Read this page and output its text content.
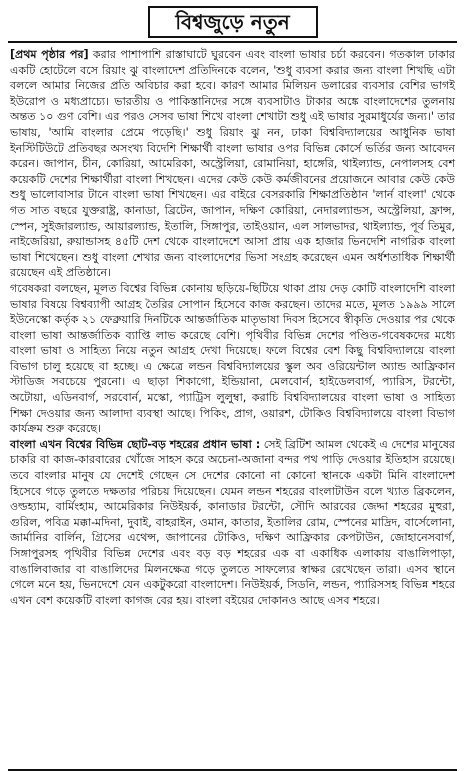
বিশ্বজুড়ে নতুন

[প্রথম পৃষ্ঠার পর] করার পাশাপাশি রাস্তাঘাটে ঘুরবেন এবং বাংলা ভাষার চর্চা করবেন। গতকাল ঢাকার একটি হোটেলে বসে রিয়াং ঝু বাংলাদেশ প্রতিদিনকে বলেন, 'শুধু ব্যবসা করার জন্য বাংলা শিখছি এটা বললে আমার নিজের প্রতি অবিচার করা হবে। কারণ আমার মিলিয়ন ডলারের ব্যবসার বেশির ভাগই ইউরোপ ও মধ্যপ্রাচ্যে। ভারতীয় ও পাকিস্তানিদের সঙ্গে ব্যবসাটাও টাকার অঙ্কে বাংলাদেশের তুলনায় অন্তত ১০ গুণ বেশি। এর পরও সেসব ভাষা শিখে বাংলা শেখাটা শুধু এই ভাষার সুরমাধুর্যের জন্য।' তার ভাষায়, 'আমি বাংলার প্রেমে পড়েছি।' শুধু রিয়াং ঝু নন, ঢাকা বিশ্ববিদ্যালয়ের আধুনিক ভাষা ইনস্টিটিউটে প্রতিবছর অসংখ্য বিদেশি শিক্ষার্থী বাংলা ভাষার ওপর বিভিন্ন কোর্সে ভর্তির জন্য আবেদন করেন। জাপান, চীন, কোরিয়া, আমেরিকা, অস্ট্রেলিয়া, রোমানিয়া, হাঙ্গেরি, থাইল্যান্ড, নেপালসহ বেশ কয়েকটি দেশের শিক্ষার্থীরা বাংলা শিখছেন। এদের কেউ কেউ কর্মজীবনের প্রয়োজনে আবার কেউ কেউ শুধু ভালোবাসার টানে বাংলা ভাষা শিখছেন। এর বাইরে বেসরকারি শিক্ষাপ্রতিষ্ঠান 'লার্ন বাংলা' থেকে গত সাত বছরে যুক্তরাষ্ট্র, কানাডা, ব্রিটেন, জাপান, দক্ষিণ কোরিয়া, নেদারল্যান্ডস, অস্ট্রেলিয়া, ফ্রান্স, স্পেন, সুইজারল্যান্ড, আয়ারল্যান্ড, ইতালি, সিঙ্গাপুর, তাইওয়ান, এল সালভাদর, থাইল্যান্ড, পূর্ব তিমুর, নাইজেরিয়া, রুয়ান্ডাসহ ৪৫টি দেশ থেকে বাংলাদেশে আসা প্রায় এক হাজার ভিনদেশি নাগরিক বাংলা ভাষা শিখেছেন। শুধু বাংলা শেখার জন্য বাংলাদেশের ভিসা সংগ্রহ করেছেন এমন অর্ধশতাধিক শিক্ষার্থী রয়েছেন এই প্রতিষ্ঠানে।

গবেষকরা বলছেন, মূলত বিশ্বের বিভিন্ন কোনায় ছড়িয়ে-ছিটিয়ে থাকা প্রায় দেড় কোটি বাংলাদেশি বাংলা ভাষার বিষয়ে বিশ্বব্যাপী আগ্রহ তৈরির সোপান হিসেবে কাজ করছেন। তাদের মতে, মূলত ১৯৯৯ সালে ইউনেস্কো কর্তৃক ২১ ফেব্রুয়ারি দিনটিকে আন্তর্জাতিক মাতৃভাষা দিবস হিসেবে স্বীকৃতি দেওয়ার পর থেকে বাংলা ভাষা আন্তর্জাতিক ব্যাপ্তি লাভ করেছে বেশি। পৃথিবীর বিভিন্ন দেশের পণ্ডিত-গবেষকদের মধ্যে বাংলা ভাষা ও সাহিত্য নিয়ে নতুন আগ্রহ দেখা দিয়েছে। ফলে বিশ্বের বেশ কিছু বিশ্ববিদ্যালয়ে বাংলা বিভাগ চালু হয়েছে বা হচ্ছে। এ ক্ষেত্রে লন্ডন বিশ্ববিদ্যালয়ের স্কুল অব ওরিয়েন্টাল অ্যান্ড আফ্রিকান স্টাডিজ সবচেয়ে পুরনো। এ ছাড়া শিকাগো, ইন্ডিয়ানা, মেলবোর্ন, হাইডেলবার্গ, প্যারিস, টরন্টো, অটোয়া, এডিনবার্গ, সরবোর্ন, মস্কো, প্যাট্রিস লুলুম্বা, করাচি বিশ্ববিদ্যালয়ের বাংলা ভাষা ও সাহিত্য শিক্ষা দেওয়ার জন্য আলাদা ব্যবস্থা আছে। পিকিং, প্রাগ, ওয়ারশ, টোকিও বিশ্ববিদ্যালয়ে বাংলা বিভাগ কার্যক্রম শুরু করেছে।

বাংলা এখন বিশ্বের বিভিন্ন ছোট-বড় শহরের প্রধান ভাষা : সেই ব্রিটিশ আমল থেকেই এ দেশের মানুষের চাকরি বা কাজ-কারবারের খোঁজে সাহস করে অচেনা-অজানা বন্দর পথ পাড়ি দেওয়ার ইতিহাস রয়েছে। তবে বাংলার মানুষ যে দেশেই গেছেন সে দেশের কোনো না কোনো স্থানকে একটা মিনি বাংলাদেশ হিসেবে গড়ে তুলতে দক্ষতার পরিচয় দিয়েছেন। যেমন লন্ডন শহরের বাংলাটাউন বলে খ্যাত ব্রিকলেন, ওল্ডহ্যাম, বার্মিংহাম, আমেরিকার নিউইয়র্ক, কানাডার টরন্টো, সৌদি আরবের জেদ্দা শহরের মুহুরা, গুরিল, পবিত্র মক্কা-মদিনা, দুবাই, বাহরাইন, ওমান, কাতার, ইতালির রোম, স্পেনের মাদ্রিদ, বার্সেলোনা, জার্মানির বার্লিন, গ্রিসের এথেন্স, জাপানের টোকিও, দক্ষিণ আফ্রিকার কেপটাউন, জোহানেসবার্গ, সিঙ্গাপুরসহ পৃথিবীর বিভিন্ন দেশের এবং বড় বড় শহরের এক বা একাধিক এলাকায় বাঙালিপাড়া, বাঙালিবাজার বা বাঙালিদের মিলনক্ষেত্র গড়ে তুলতে সাফল্যের স্বাক্ষর রেখেছেন তারা। এসব স্থানে গেলে মনে হয়, ভিনদেশে যেন একটুকরো বাংলাদেশ। নিউইয়র্ক, সিডনি, লন্ডন, প্যারিসসহ বিভিন্ন শহরে এখন বেশ কয়েকটি বাংলা কাগজ বের হয়। বাংলা বইয়ের দোকানও আছে এসব শহরে।
